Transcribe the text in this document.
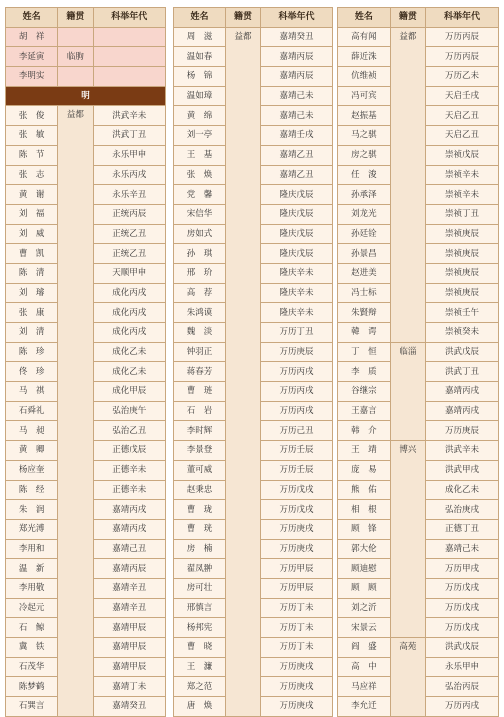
姓名	籍贯	科举年代
胡　祥		
李延寅	临朐	
李明实		
明		
张　俊	益都	洪武辛未
张　敏		洪武丁丑
陈　节		永乐甲申
张　志		永乐丙戌
黄　谢		永乐辛丑
刘　福		正统丙辰
刘　威		正统乙丑
曹　凯		正统乙丑
陈　清		天顺甲申
刘　璿		成化丙戌
张　康		成化丙戌
刘　清		成化丙戌
陈　珍		成化乙未
佟　珍		成化乙未
马　祺		成化甲辰
石舜礼		弘治庚午
马　昶		弘治乙丑
黄　卿		正德戊辰
杨应奎		正德辛未
陈　经		正德辛未
朱　润		嘉靖丙戌
郑光溥		嘉靖丙戌
李用和		嘉靖己丑
温　新		嘉靖丙辰
李用敬		嘉靖辛丑
冷起元		嘉靖辛丑
石　鲸		嘉靖甲辰
冀　铁		嘉靖甲辰
石茂华		嘉靖甲辰
陈梦鹤		嘉靖丁未
石巽言		嘉靖癸丑
姓名	籍贯	科举年代
周　滋	益都	嘉靖癸丑
温如春		嘉靖丙辰
杨　锦		嘉靖丙辰
温如璋		嘉靖己未
黄　绵		嘉靖己未
刘一亭		嘉靖壬戌
王　基		嘉靖乙丑
张　焕		嘉靖乙丑
党　馨		隆庆戊辰
宋信华		隆庆戊辰
房如式		隆庆戊辰
孙　琪		隆庆戊辰
邢　玠		隆庆辛未
高　荐		隆庆辛未
朱鸿谟		隆庆辛未
魏　淡		万历丁丑
钟羽正		万历庚辰
蒋春芳		万历丙戌
曹　琏		万历丙戌
石　岩		万历丙戌
李时辉		万历己丑
李景登		万历壬辰
董可威		万历壬辰
赵秉忠		万历戊戌
曹　珑		万历戊戌
曹　珖		万历庚戌
房　楠		万历庚戌
翟凤翀		万历甲辰
房可壮		万历甲辰
邢慎言		万历丁未
杨邦宪		万历丁未
曹　晓		万历丁未
王　濂		万历庚戌
郑之范		万历庚戌
唐　焕		万历庚戌
姓名	籍贯	科举年代
高有闻	益都	万历丙辰
薛近洙		万历丙辰
伉维祯		万历乙未
冯可宾		天启壬戌
赵振基		天启乙丑
马之骐		天启乙丑
房之骐		崇祯戊辰
任　浚		崇祯辛未
孙承泽		崇祯辛未
刘龙光		崇祯丁丑
孙廷铨		崇祯庚辰
孙景昌		崇祯庚辰
赵进美		崇祯庚辰
冯士标		崇祯庚辰
朱賢辩		崇祯壬午
韓　谔		崇祯癸未
丁　恒	临淄	洪武戊辰
李　质		洪武丁丑
谷继宗		嘉靖丙戌
王嘉言		嘉靖丙戌
韩　介		万历庚辰
王　靖	博兴	洪武辛未
庞　易		洪武甲戌
熊　佑		成化乙未
相　根		弘治庚戌
顾　锋		正德丁丑
郭大伦		嘉靖己未
顾迪慰		万历甲戌
顾　顾		万历戊戌
刘之沂		万历戊戌
宋景云		万历戊戌
阎　盛	高苑	洪武戊辰
高　中		永乐甲申
马应祥		弘治丙辰
李允迁		万历丙戌
